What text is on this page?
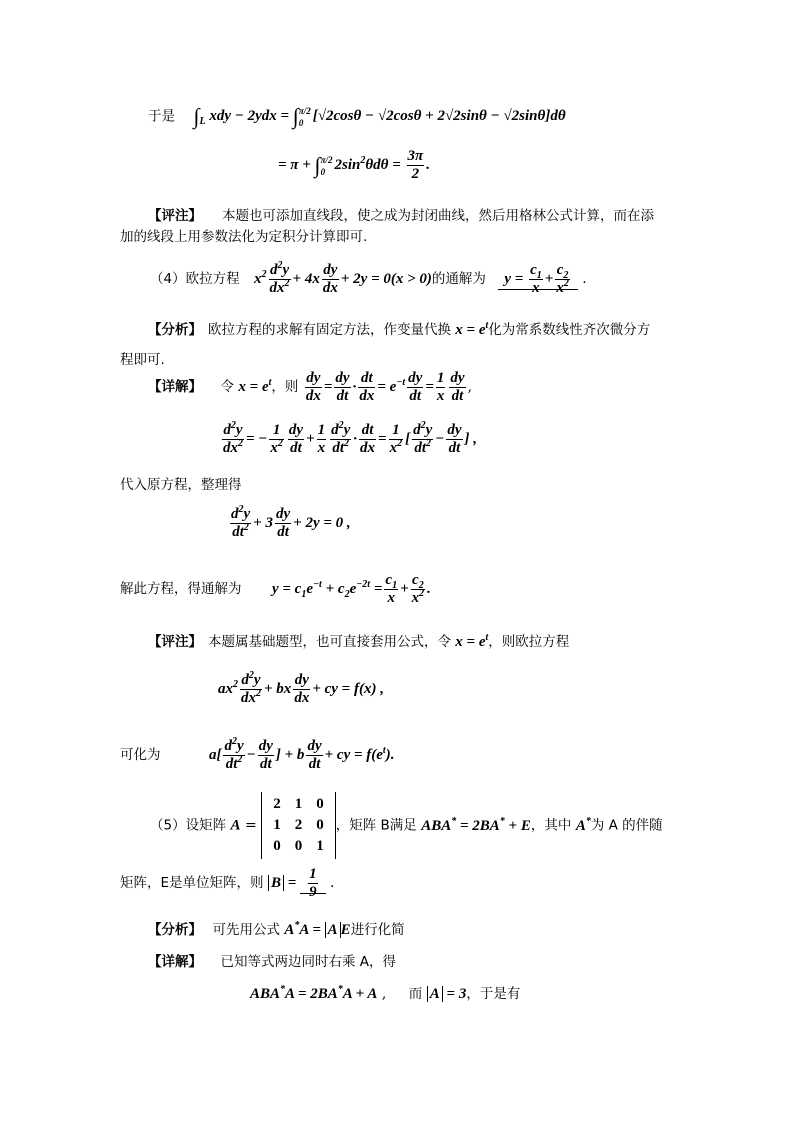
于是 $\int_L$ xdy − 2ydx = ∫ π/2
0 [√2cosθ − √2cosθ + 2√2sinθ − √2sinθ]dθ
= π + ∫ π/2
0 $2\sin^2\theta d\theta = \frac{3\pi}{2}$ .
【评注】 本题也可添加直线段，使之成为封闭曲线，然后用格林公式计算，而在添
加的线段上用参数法化为定积分计算即可.
（4）欧拉方程 $x^2 \frac{d^2y}{dx^2} + 4x \frac{dy}{dx} + 2y = 0(x > 0)$的通解为 $y = \frac{c_1}{x} + \frac{c_2}{x^2}$ .
【分析】 欧拉方程的求解有固定方法，作变量代换 $x = e^t$化为常系数线性齐次微分方
程即可.
【详解】 令 $x = e^t$，则 $\frac{dy}{dx} = \frac{dy}{dt} \cdot \frac{dt}{dx} = e^{-t} \frac{dy}{dt} = \frac{1}{x} \frac{dy}{dt}$ ,
$\frac{d^2y}{dx^2}$ = − $\frac{1}{x^2} \frac{dy}{dt} + \frac{1}{x} \frac{d^2y}{dt^2} \cdot \frac{dt}{dx} = \frac{1}{x^2}$ [ $\frac{d^2y}{dt^2} - \frac{dy}{dt}$ ] ,
代入原方程，整理得
$\frac{d^2y}{dt^2} + 3 \frac{dy}{dt} + 2y = 0$ ,
解此方程，得通解为 $y = c_1e^{-t} + c_2e^{-2t} = \frac{c_1}{x} + \frac{c_2}{x^2}$ .
【评注】 本题属基础题型，也可直接套用公式，令 $x = e^t$，则欧拉方程
$ax^2 \frac{d^2y}{dx^2}$ + bx $\frac{dy}{dx}$ + cy = f(x) ,
可化为	$a[ \frac{d^2y}{dt^2} - \frac{dy}{dt}$ ] + b $\frac{dy}{dt}$ + cy = $f(e^t)$.
（5）设矩阵 A =
2	1	0
1	2	0
0	0	1
，矩阵 B满足 ABA* = 2BA* + E，其中 A*为 A 的伴随
矩阵，E是单位矩阵，则 $B = \frac{1}{9}$ .
【分析】 可先用公式 A*A = A E进行化简
【详解】 已知等式两边同时右乘 A，得
ABA*A = 2BA*A + A , 而 A = 3，于是有
